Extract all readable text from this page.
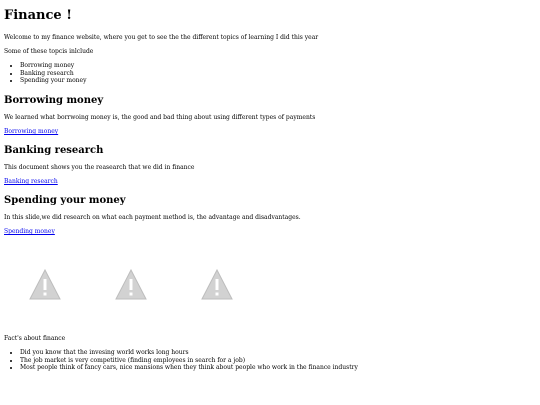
Finance !

Welcome to my finance website, where you get to see the the different topics of learning I did this year

Some of these topcis inlclude

• Borrowing money
• Banking research
• Spending your money
Borrowing money

We learned what borrwoing money is, the good and bad thing about using different types of payments

Borrowing money
Banking research

This document shows you the reasearch that we did in finance

Banking research
Spending your money

In this slide,we did research on what each payment method is, the advantage and disadvantages.

Spending money

Fact's about finance

• Did you know that the invesing world works long hours
• The job market is very competitive (finding employees in search for a job)
• Most people think of fancy cars, nice mansions when they think about people who work in the finance industry
